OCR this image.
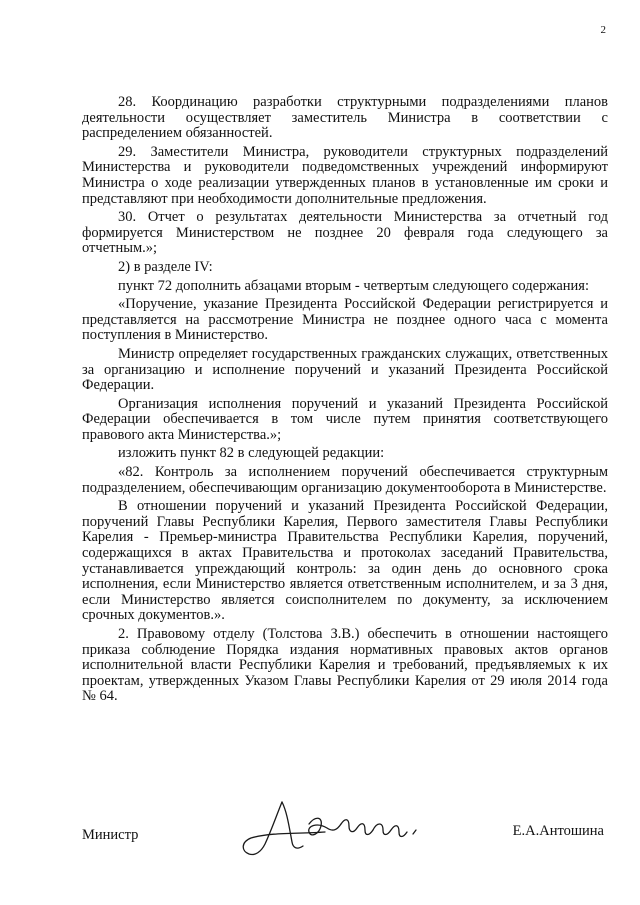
2

28. Координацию разработки структурными подразделениями планов деятельности осуществляет заместитель Министра в соответствии с распределением обязанностей.

29. Заместители Министра, руководители структурных подразделений Министерства и руководители подведомственных учреждений информируют Министра о ходе реализации утвержденных планов в установленные им сроки и представляют при необходимости дополнительные предложения.

30. Отчет о результатах деятельности Министерства за отчетный год формируется Министерством не позднее 20 февраля года следующего за отчетным.»;

2) в разделе IV:

пункт 72 дополнить абзацами вторым - четвертым следующего содержания:

«Поручение, указание Президента Российской Федерации регистрируется и представляется на рассмотрение Министра не позднее одного часа с момента поступления в Министерство.

Министр определяет государственных гражданских служащих, ответственных за организацию и исполнение поручений и указаний Президента Российской Федерации.

Организация исполнения поручений и указаний Президента Российской Федерации обеспечивается в том числе путем принятия соответствующего правового акта Министерства.»;

изложить пункт 82 в следующей редакции:

«82. Контроль за исполнением поручений обеспечивается структурным подразделением, обеспечивающим организацию документооборота в Министерстве.

В отношении поручений и указаний Президента Российской Федерации, поручений Главы Республики Карелия, Первого заместителя Главы Республики Карелия - Премьер-министра Правительства Республики Карелия, поручений, содержащихся в актах Правительства и протоколах заседаний Правительства, устанавливается упреждающий контроль: за один день до основного срока исполнения, если Министерство является ответственным исполнителем, и за 3 дня, если Министерство является соисполнителем по документу, за исключением срочных документов.».

2. Правовому отделу (Толстова З.В.) обеспечить в отношении настоящего приказа соблюдение Порядка издания нормативных правовых актов органов исполнительной власти Республики Карелия и требований, предъявляемых к их проектам, утвержденных Указом Главы Республики Карелия от 29 июля 2014 года № 64.

Министр	Е.А.Антошина
